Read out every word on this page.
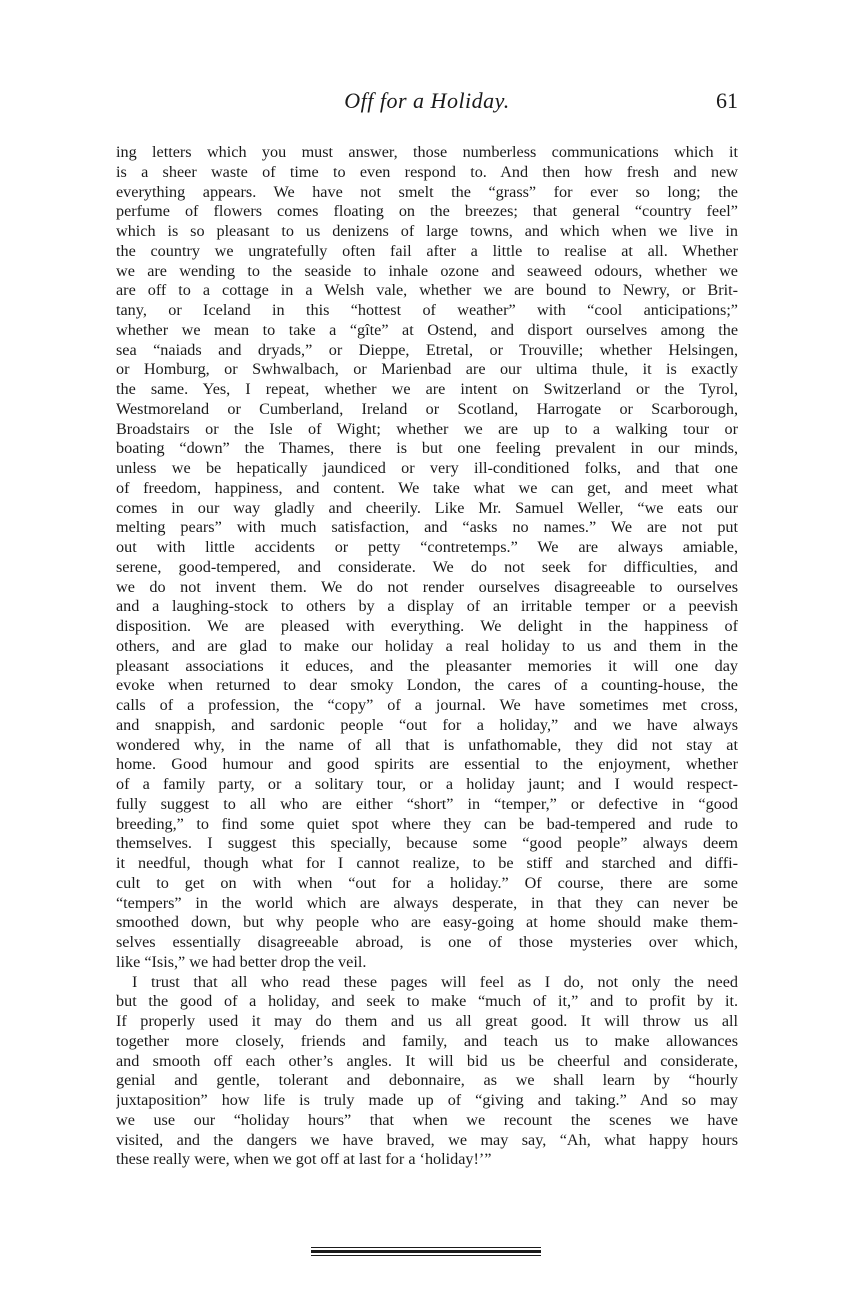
Off for a Holiday.	61
ing letters which you must answer, those numberless communications which it
is a sheer waste of time to even respond to. And then how fresh and new
everything appears. We have not smelt the “grass” for ever so long; the
perfume of flowers comes floating on the breezes; that general “country feel”
which is so pleasant to us denizens of large towns, and which when we live in
the country we ungratefully often fail after a little to realise at all. Whether
we are wending to the seaside to inhale ozone and seaweed odours, whether we
are off to a cottage in a Welsh vale, whether we are bound to Newry, or Brit-
tany, or Iceland in this “hottest of weather” with “cool anticipations;”
whether we mean to take a “gîte” at Ostend, and disport ourselves among the
sea “naiads and dryads,” or Dieppe, Etretal, or Trouville; whether Helsingen,
or Homburg, or Swhwalbach, or Marienbad are our ultima thule, it is exactly
the same. Yes, I repeat, whether we are intent on Switzerland or the Tyrol,
Westmoreland or Cumberland, Ireland or Scotland, Harrogate or Scarborough,
Broadstairs or the Isle of Wight; whether we are up to a walking tour or
boating “down” the Thames, there is but one feeling prevalent in our minds,
unless we be hepatically jaundiced or very ill-conditioned folks, and that one
of freedom, happiness, and content. We take what we can get, and meet what
comes in our way gladly and cheerily. Like Mr. Samuel Weller, “we eats our
melting pears” with much satisfaction, and “asks no names.” We are not put
out with little accidents or petty “contretemps.” We are always amiable,
serene, good-tempered, and considerate. We do not seek for difficulties, and
we do not invent them. We do not render ourselves disagreeable to ourselves
and a laughing-stock to others by a display of an irritable temper or a peevish
disposition. We are pleased with everything. We delight in the happiness of
others, and are glad to make our holiday a real holiday to us and them in the
pleasant associations it educes, and the pleasanter memories it will one day
evoke when returned to dear smoky London, the cares of a counting-house, the
calls of a profession, the “copy” of a journal. We have sometimes met cross,
and snappish, and sardonic people “out for a holiday,” and we have always
wondered why, in the name of all that is unfathomable, they did not stay at
home. Good humour and good spirits are essential to the enjoyment, whether
of a family party, or a solitary tour, or a holiday jaunt; and I would respect-
fully suggest to all who are either “short” in “temper,” or defective in “good
breeding,” to find some quiet spot where they can be bad-tempered and rude to
themselves. I suggest this specially, because some “good people” always deem
it needful, though what for I cannot realize, to be stiff and starched and diffi-
cult to get on with when “out for a holiday.” Of course, there are some
“tempers” in the world which are always desperate, in that they can never be
smoothed down, but why people who are easy-going at home should make them-
selves essentially disagreeable abroad, is one of those mysteries over which,
like “Isis,” we had better drop the veil.
I trust that all who read these pages will feel as I do, not only the need
but the good of a holiday, and seek to make “much of it,” and to profit by it.
If properly used it may do them and us all great good. It will throw us all
together more closely, friends and family, and teach us to make allowances
and smooth off each other’s angles. It will bid us be cheerful and considerate,
genial and gentle, tolerant and debonnaire, as we shall learn by “hourly
juxtaposition” how life is truly made up of “giving and taking.” And so may
we use our “holiday hours” that when we recount the scenes we have
visited, and the dangers we have braved, we may say, “Ah, what happy hours
these really were, when we got off at last for a ‘holiday!’”
